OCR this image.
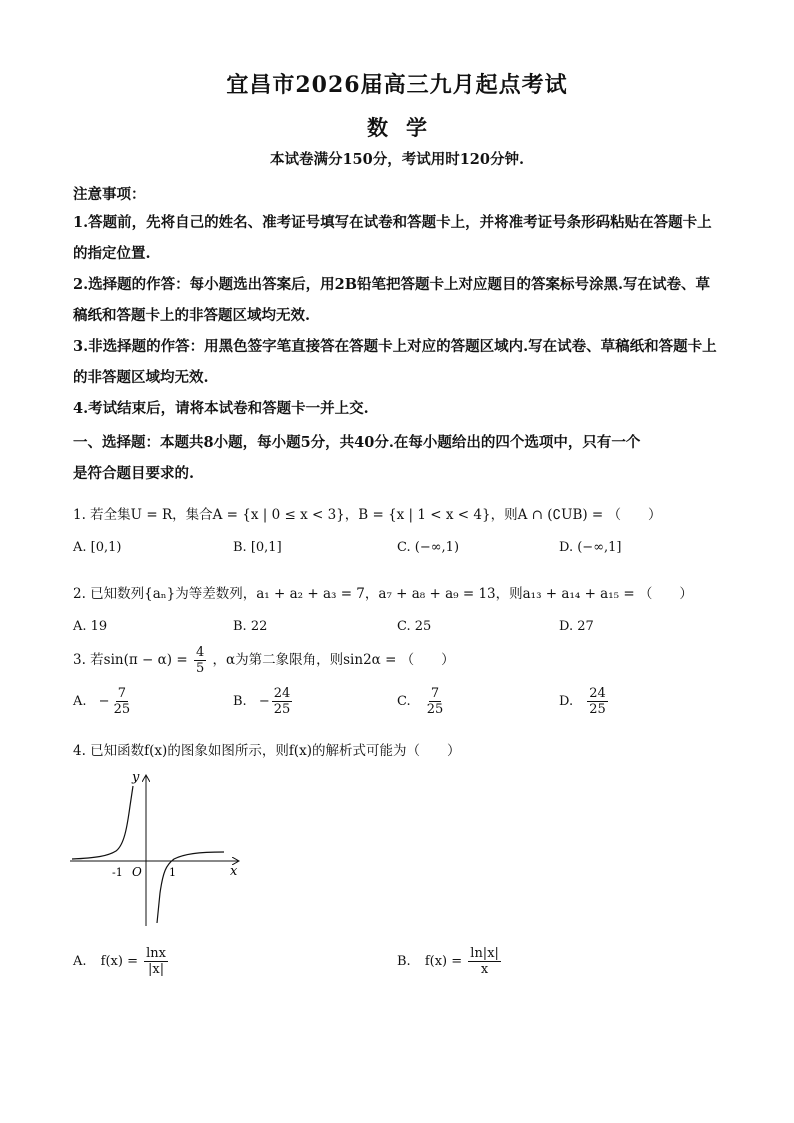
宜昌市2026届高三九月起点考试
数学
本试卷满分150分，考试用时120分钟.
注意事项：
1.答题前，先将自己的姓名、准考证号填写在试卷和答题卡上，并将准考证号条形码粘贴在答题卡上的指定位置.
2.选择题的作答：每小题选出答案后，用2B铅笔把答题卡上对应题目的答案标号涂黑.写在试卷、草稿纸和答题卡上的非答题区域均无效.
3.非选择题的作答：用黑色签字笔直接答在答题卡上对应的答题区域内.写在试卷、草稿纸和答题卡上的非答题区域均无效.
4.考试结束后，请将本试卷和答题卡一并上交.
一、选择题：本题共8小题，每小题5分，共40分.在每小题给出的四个选项中，只有一个
是符合题目要求的.
1. 若全集U = R，集合A = {x | 0 ≤ x < 3}，B = {x | 1 < x < 4}，则A ∩ (∁UB) = （　　）
A. [0,1)	B. [0,1]	C. (−∞,1)	D. (−∞,1]
2. 已知数列{aₙ}为等差数列，a₁ + a₂ + a₃ = 7，a₇ + a₈ + a₉ = 13，则a₁₃ + a₁₄ + a₁₅ = （　　）
A. 19	B. 22	C. 25	D. 27
3. 若$\sin(\pi - \alpha) = \frac{4}{5}$ ，α为第二象限角，则sin2α = （　　）
A. − $\frac{7}{25}$	B. − $\frac{24}{25}$	C. $\frac{7}{25}$	D. $\frac{24}{25}$
4. 已知函数f(x)的图象如图所示，则f(x)的解析式可能为（　　）
y
x
O
-1	1
A. $f(x) = \frac{\ln x}{|x|}$	B. $f(x) = \frac{\ln|x|}{x}$
